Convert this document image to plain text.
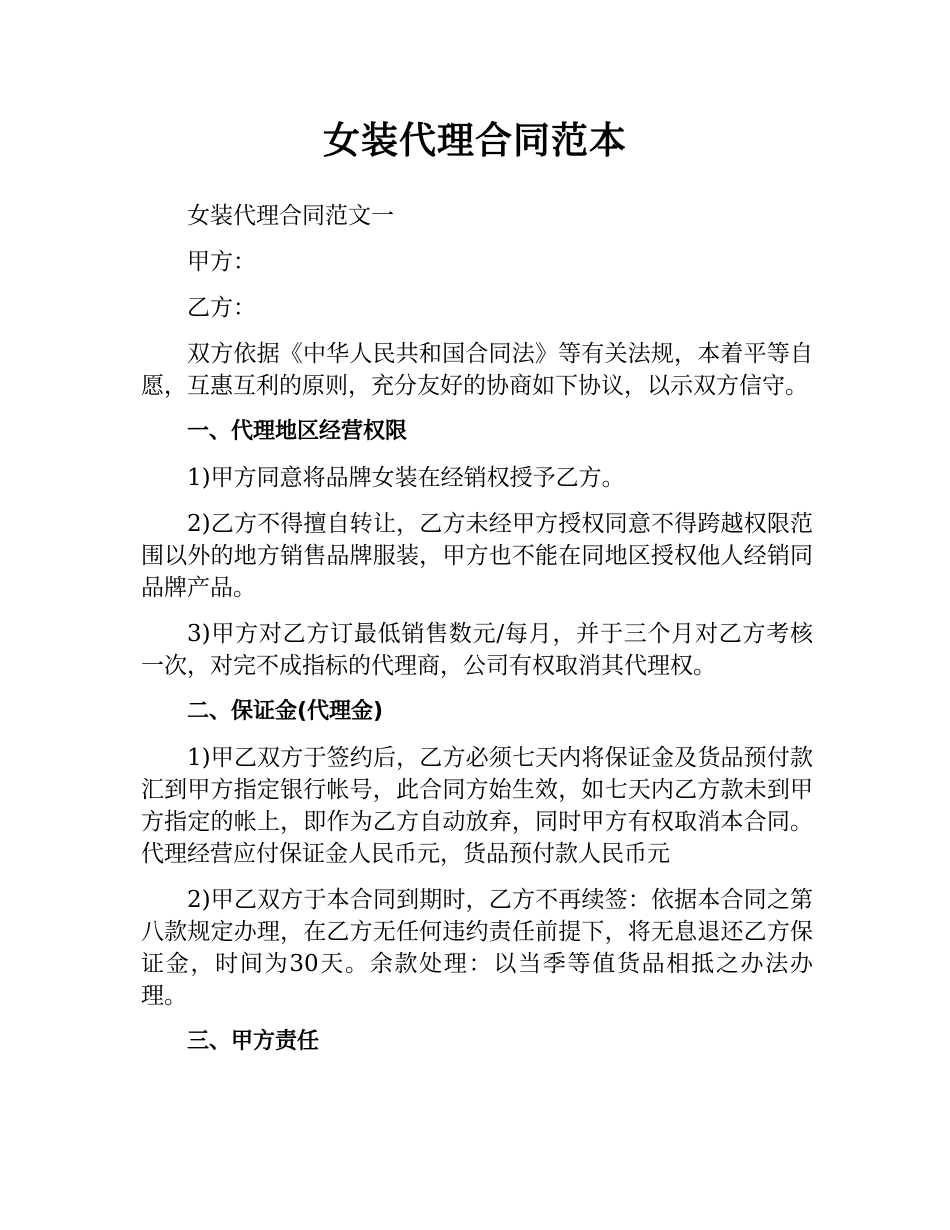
女装代理合同范本

女装代理合同范文一

甲方：

乙方：

双方依据《中华人民共和国合同法》等有关法规，本着平等自愿，互惠互利的原则，充分友好的协商如下协议，以示双方信守。

一、代理地区经营权限

1)甲方同意将品牌女装在经销权授予乙方。

2)乙方不得擅自转让，乙方未经甲方授权同意不得跨越权限范围以外的地方销售品牌服装，甲方也不能在同地区授权他人经销同品牌产品。

3)甲方对乙方订最低销售数元/每月，并于三个月对乙方考核一次，对完不成指标的代理商，公司有权取消其代理权。

二、保证金(代理金)

1)甲乙双方于签约后，乙方必须七天内将保证金及货品预付款汇到甲方指定银行帐号，此合同方始生效，如七天内乙方款未到甲方指定的帐上，即作为乙方自动放弃，同时甲方有权取消本合同。代理经营应付保证金人民币元，货品预付款人民币元

2)甲乙双方于本合同到期时，乙方不再续签：依据本合同之第八款规定办理，在乙方无任何违约责任前提下，将无息退还乙方保证金，时间为30天。余款处理：以当季等值货品相抵之办法办理。

三、甲方责任
